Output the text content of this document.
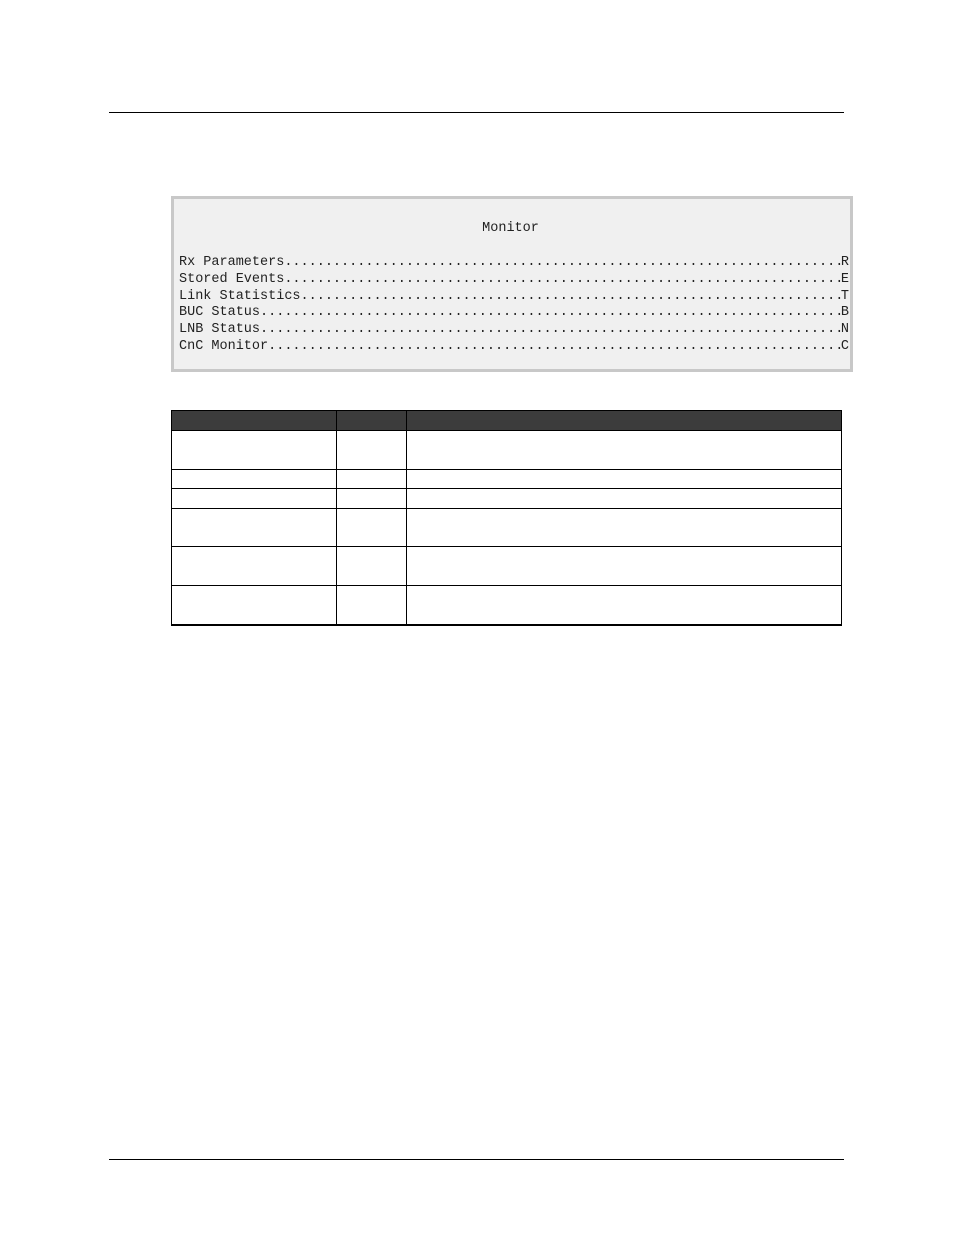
Monitor
Rx Parameters .....	R
Stored Events .....	E
Link Statistics .....	T
BUC Status .....	B
LNB Status .....	N
CnC Monitor .....	C
